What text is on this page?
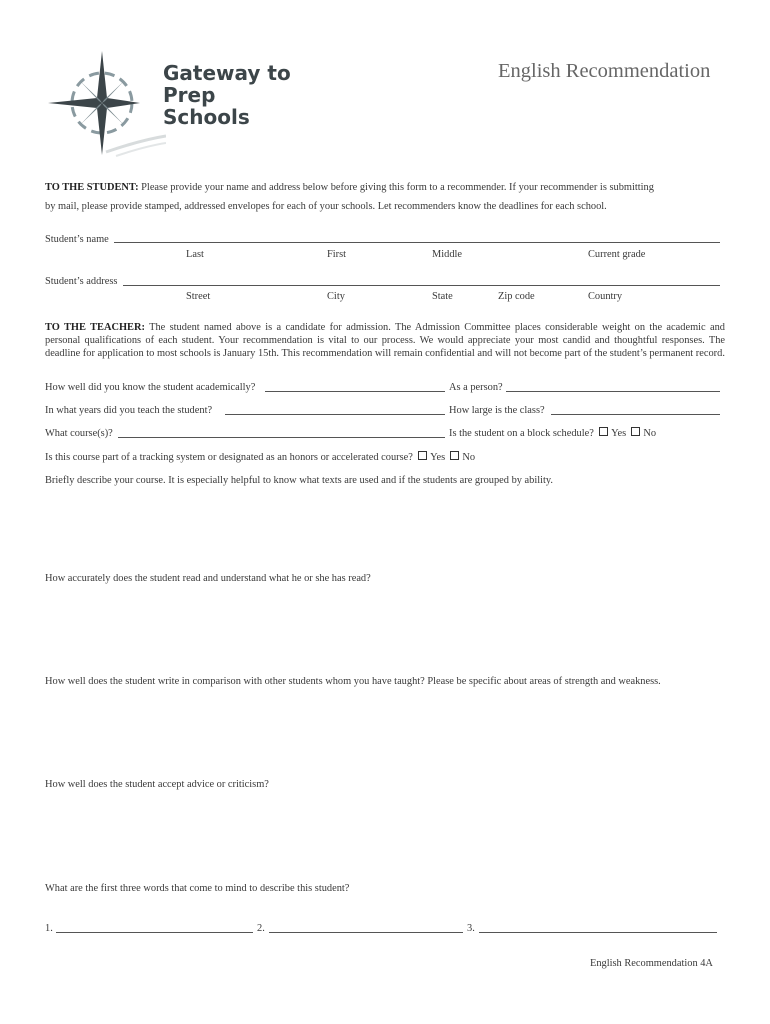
Gateway to
Prep
Schools
English Recommendation
TO THE STUDENT: Please provide your name and address below before giving this form to a recommender. If your recommender is submitting
by mail, please provide stamped, addressed envelopes for each of your schools. Let recommenders know the deadlines for each school.
Student’s name
Last	First	Middle	Current grade
Student’s address
Street	City	State	Zip code	Country
TO THE TEACHER: The student named above is a candidate for admission. The Admission Committee places considerable weight on the academic and personal qualifications of each student. Your recommendation is vital to our process. We would appreciate your most candid and thoughtful responses. The deadline for application to most schools is January 15th. This recommendation will remain confidential and will not become part of the student’s permanent record.
How well did you know the student academically?	As a person?
In what years did you teach the student?	How large is the class?
What course(s)?	Is the student on a block schedule? Yes No
Is this course part of a tracking system or designated as an honors or accelerated course? Yes No
Briefly describe your course. It is especially helpful to know what texts are used and if the students are grouped by ability.
How accurately does the student read and understand what he or she has read?
How well does the student write in comparison with other students whom you have taught? Please be specific about areas of strength and weakness.
How well does the student accept advice or criticism?
What are the first three words that come to mind to describe this student?
1.	2.	3.
English Recommendation 4A
